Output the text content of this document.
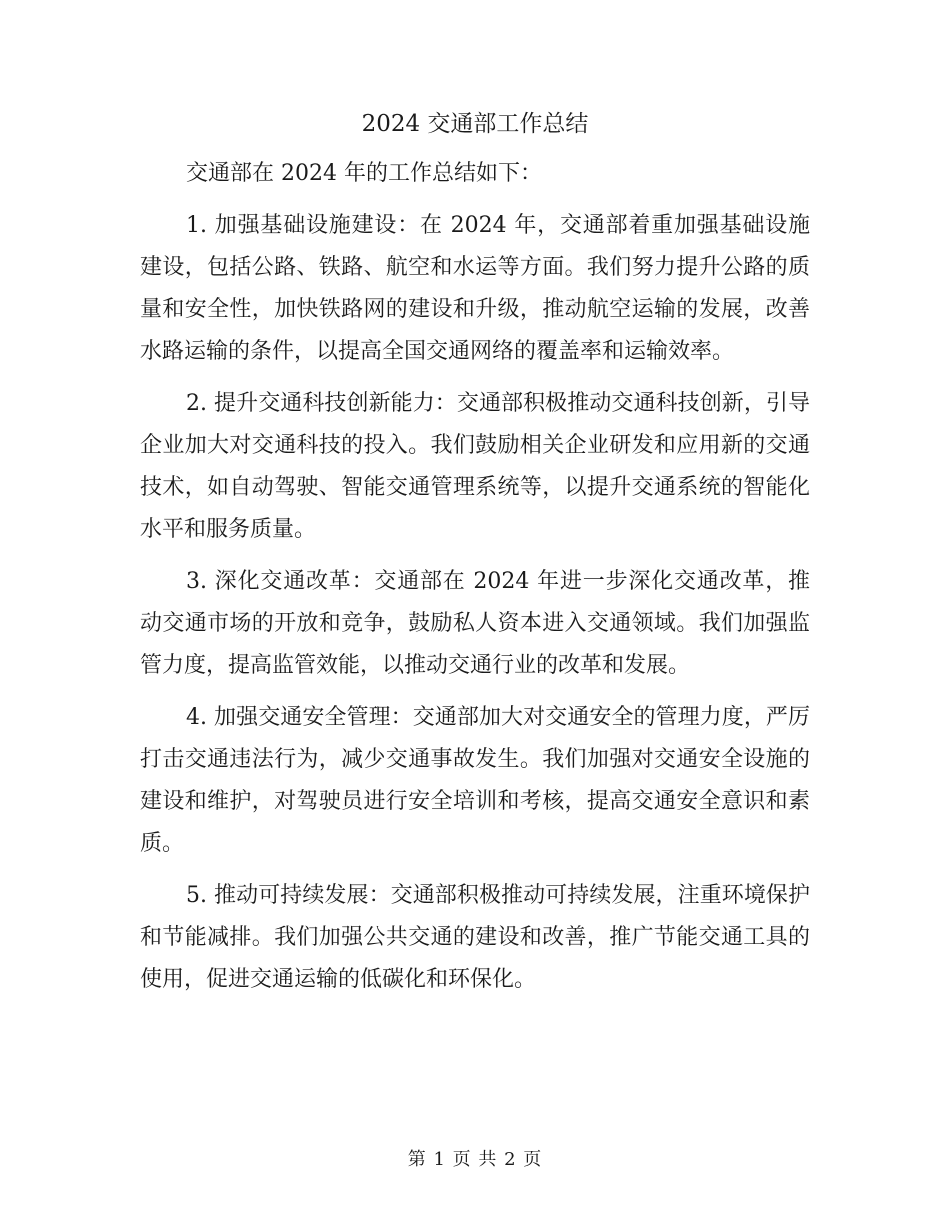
2024 交通部工作总结

交通部在 2024 年的工作总结如下：

1. 加强基础设施建设：在 2024 年，交通部着重加强基础设施建设，包括公路、铁路、航空和水运等方面。我们努力提升公路的质量和安全性，加快铁路网的建设和升级，推动航空运输的发展，改善水路运输的条件，以提高全国交通网络的覆盖率和运输效率。

2. 提升交通科技创新能力：交通部积极推动交通科技创新，引导企业加大对交通科技的投入。我们鼓励相关企业研发和应用新的交通技术，如自动驾驶、智能交通管理系统等，以提升交通系统的智能化水平和服务质量。

3. 深化交通改革：交通部在 2024 年进一步深化交通改革，推动交通市场的开放和竞争，鼓励私人资本进入交通领域。我们加强监管力度，提高监管效能，以推动交通行业的改革和发展。

4. 加强交通安全管理：交通部加大对交通安全的管理力度，严厉打击交通违法行为，减少交通事故发生。我们加强对交通安全设施的建设和维护，对驾驶员进行安全培训和考核，提高交通安全意识和素质。

5. 推动可持续发展：交通部积极推动可持续发展，注重环境保护和节能减排。我们加强公共交通的建设和改善，推广节能交通工具的使用，促进交通运输的低碳化和环保化。

第 1 页 共 2 页
